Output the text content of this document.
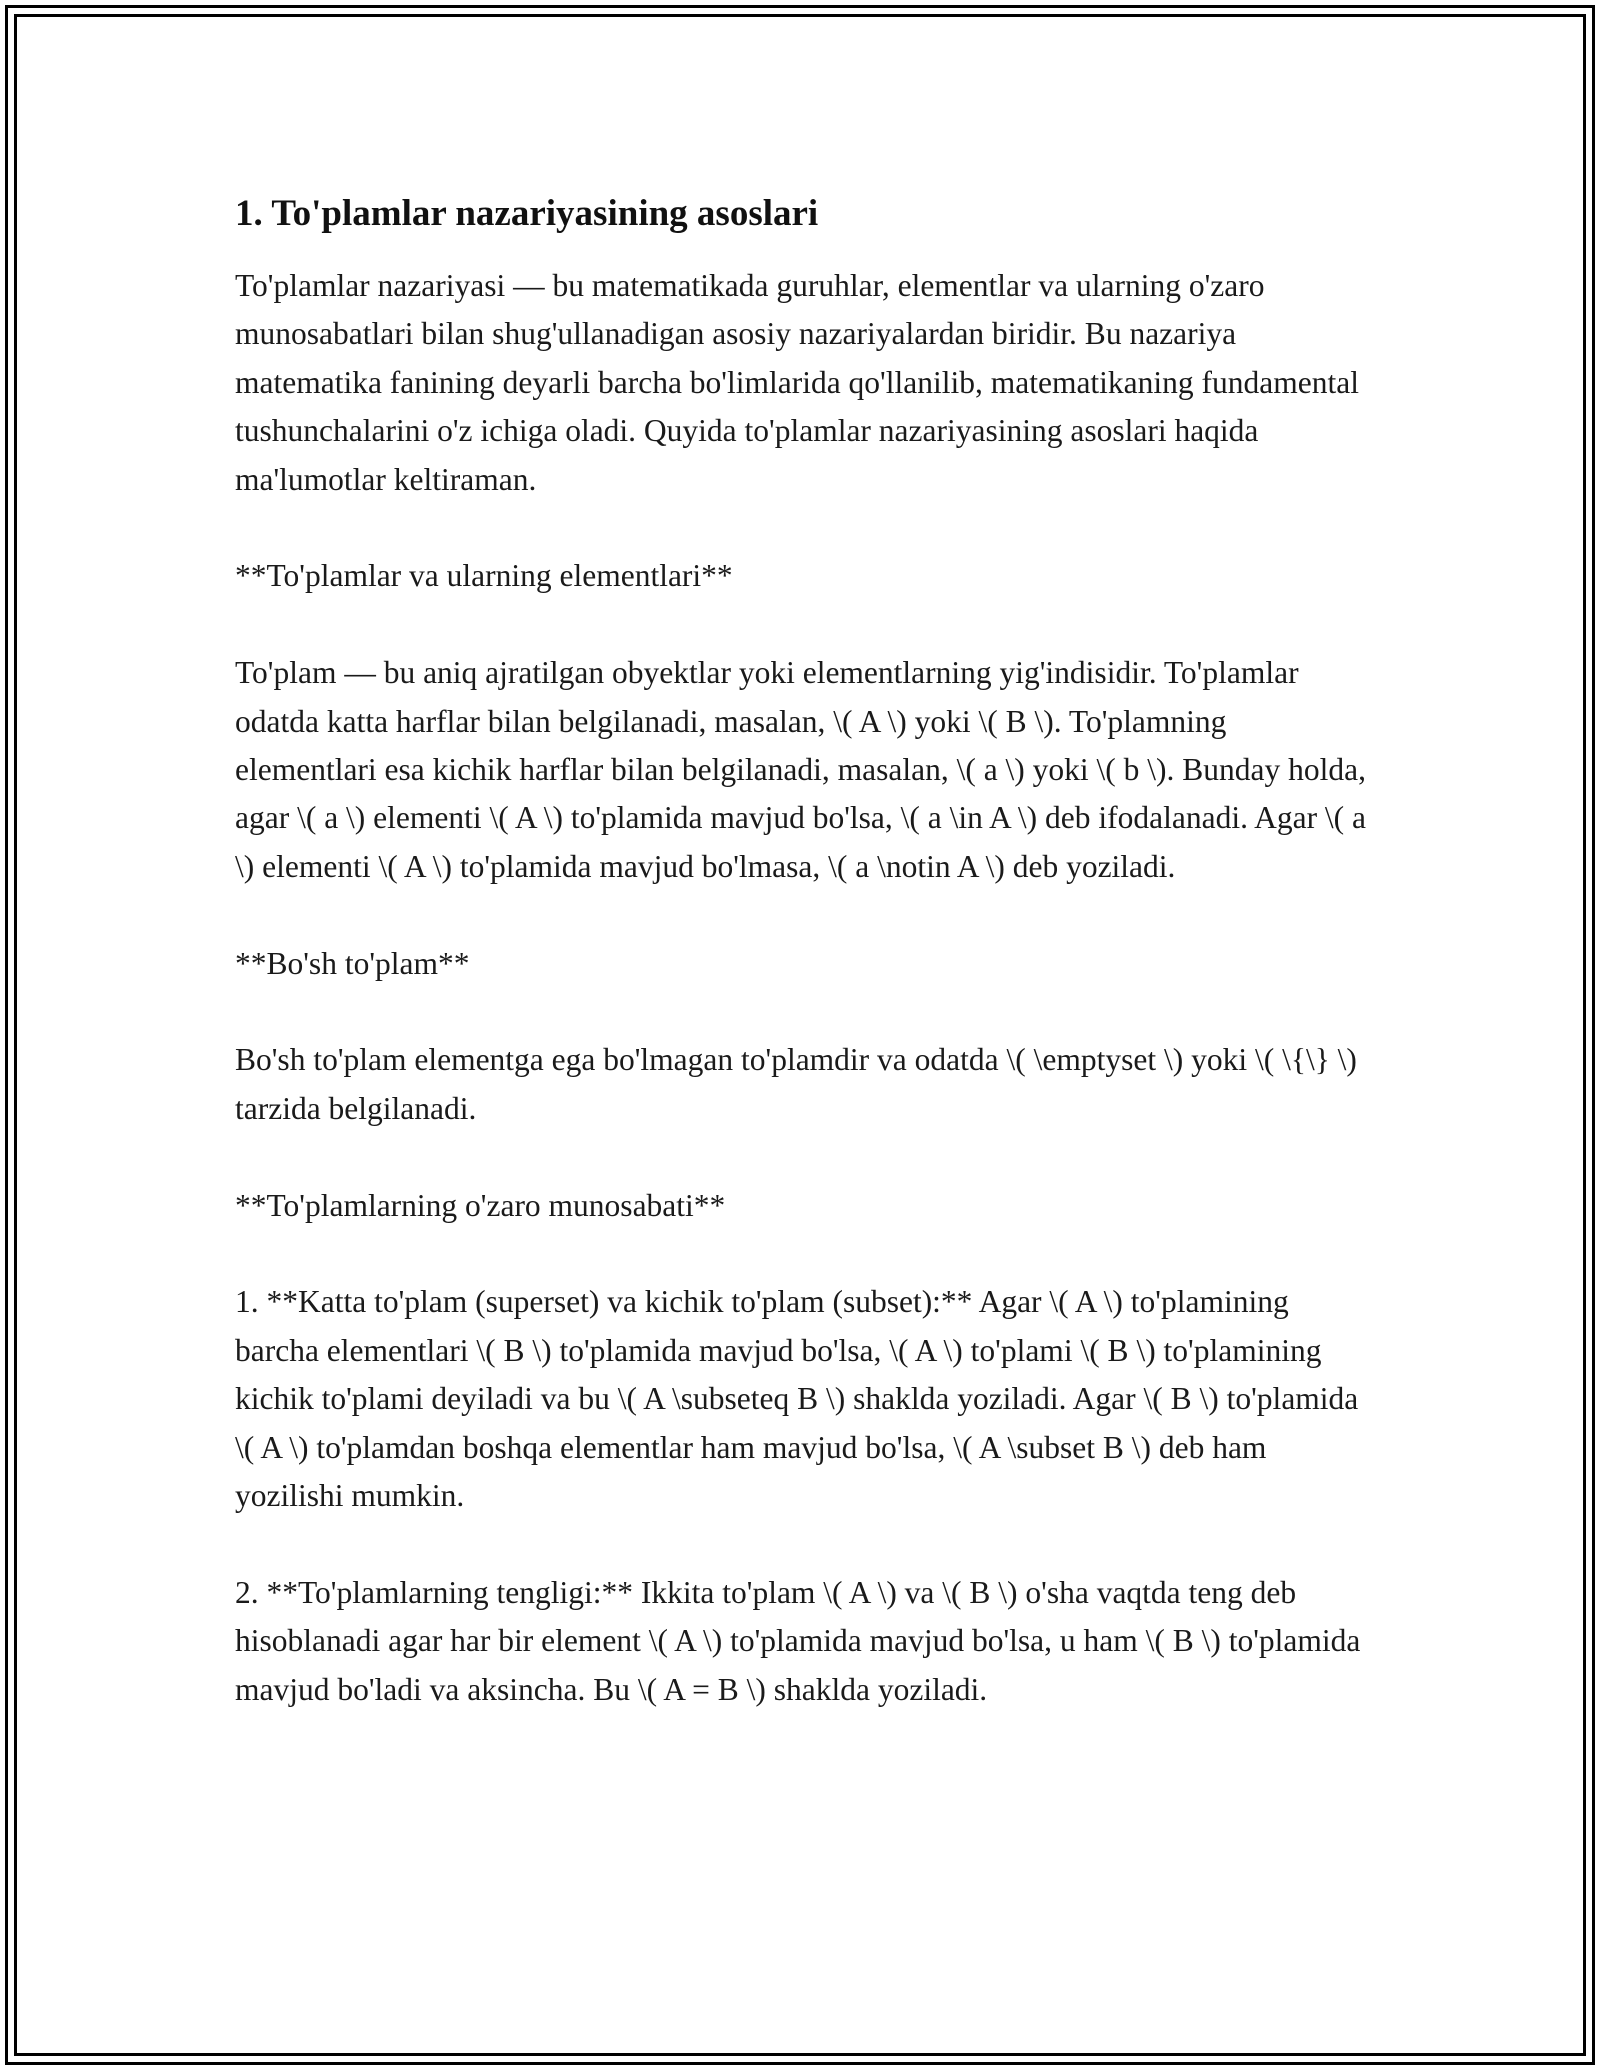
1. To'plamlar nazariyasining asoslari

To'plamlar nazariyasi — bu matematikada guruhlar, elementlar va ularning o'zaro munosabatlari bilan shug'ullanadigan asosiy nazariyalardan biridir. Bu nazariya matematika fanining deyarli barcha bo'limlarida qo'llanilib, matematikaning fundamental tushunchalarini o'z ichiga oladi. Quyida to'plamlar nazariyasining asoslari haqida ma'lumotlar keltiraman.

**To'plamlar va ularning elementlari**

To'plam — bu aniq ajratilgan obyektlar yoki elementlarning yig'indisidir. To'plamlar odatda katta harflar bilan belgilanadi, masalan, \( A \) yoki \( B \). To'plamning elementlari esa kichik harflar bilan belgilanadi, masalan, \( a \) yoki \( b \). Bunday holda, agar \( a \) elementi \( A \) to'plamida mavjud bo'lsa, \( a \in A \) deb ifodalanadi. Agar \( a \) elementi \( A \) to'plamida mavjud bo'lmasa, \( a \notin A \) deb yoziladi.

**Bo'sh to'plam**

Bo'sh to'plam elementga ega bo'lmagan to'plamdir va odatda \( \emptyset \) yoki \( \{\} \) tarzida belgilanadi.

**To'plamlarning o'zaro munosabati**

1. **Katta to'plam (superset) va kichik to'plam (subset):** Agar \( A \) to'plamining barcha elementlari \( B \) to'plamida mavjud bo'lsa, \( A \) to'plami \( B \) to'plamining kichik to'plami deyiladi va bu \( A \subseteq B \) shaklda yoziladi. Agar \( B \) to'plamida \( A \) to'plamdan boshqa elementlar ham mavjud bo'lsa, \( A \subset B \) deb ham yozilishi mumkin.

2. **To'plamlarning tengligi:** Ikkita to'plam \( A \) va \( B \) o'sha vaqtda teng deb hisoblanadi agar har bir element \( A \) to'plamida mavjud bo'lsa, u ham \( B \) to'plamida mavjud bo'ladi va aksincha. Bu \( A = B \) shaklda yoziladi.
